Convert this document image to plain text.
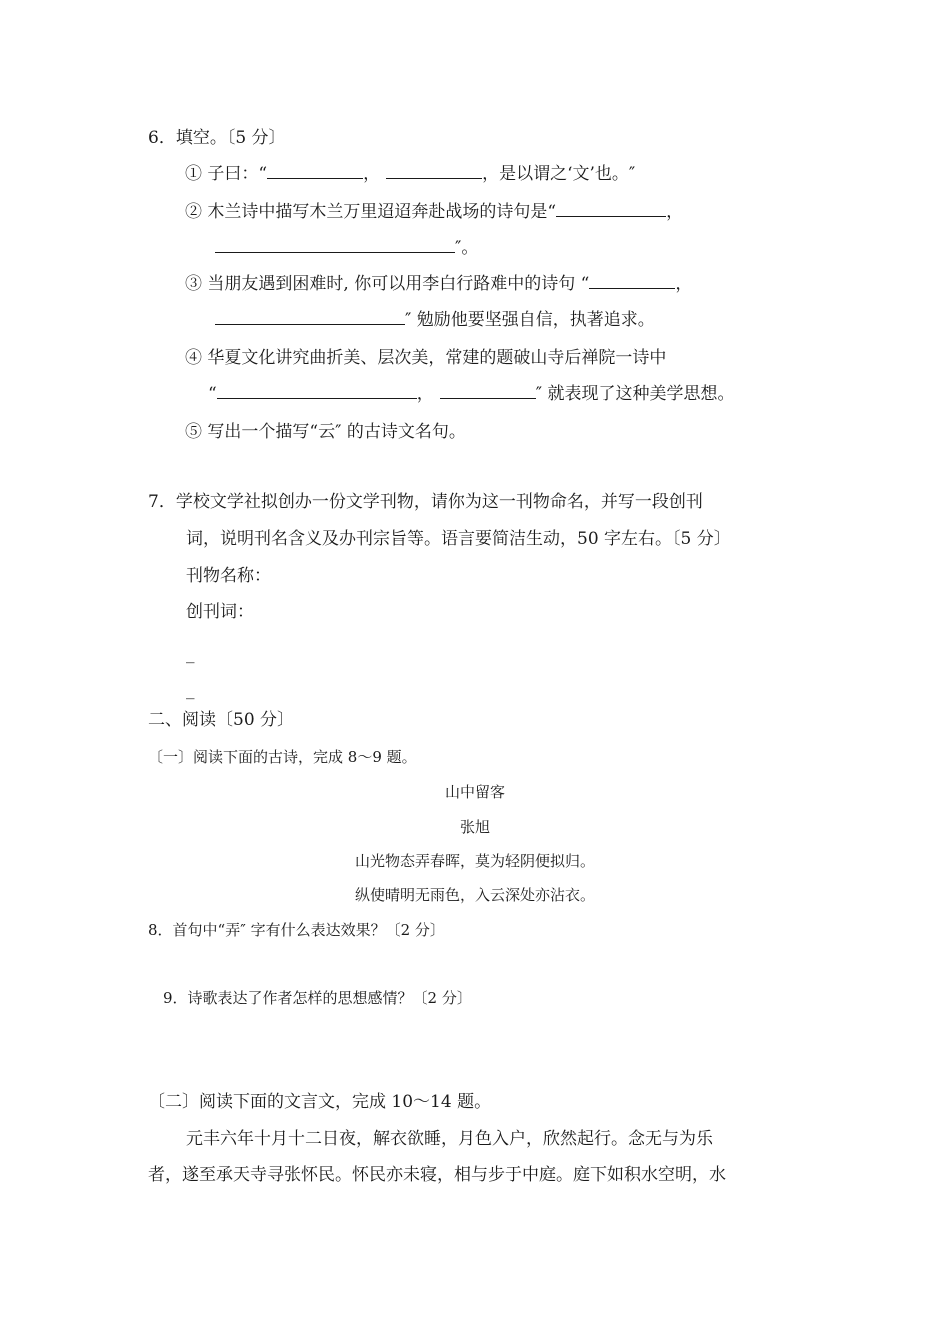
6．填空。〔5 分〕
① 子曰：“	，	，是以谓之‘文’也。″
② 木兰诗中描写木兰万里迢迢奔赴战场的诗句是“	，
″。
③ 当朋友遇到困难时, 你可以用李白行路难中的诗句 “	，
″ 勉励他要坚强自信，执著追求。
④ 华夏文化讲究曲折美、层次美，常建的题破山寺后禅院一诗中
“	，	″ 就表现了这种美学思想。
⑤ 写出一个描写“云″ 的古诗文名句。
7．学校文学社拟创办一份文学刊物，请你为这一刊物命名，并写一段创刊
词，说明刊名含义及办刊宗旨等。语言要简洁生动，50 字左右。〔5 分〕
刊物名称：
创刊词：
_
_
二、阅读〔50 分〕
〔一〕阅读下面的古诗，完成 8～9 题。
山中留客
张旭
山光物态弄春晖，莫为轻阴便拟归。
纵使晴明无雨色，入云深处亦沾衣。
8．首句中“弄″ 字有什么表达效果？〔2 分〕
9．诗歌表达了作者怎样的思想感情？〔2 分〕
〔二〕阅读下面的文言文，完成 10～14 题。
元丰六年十月十二日夜，解衣欲睡，月色入户，欣然起行。念无与为乐
者，遂至承天寺寻张怀民。怀民亦未寝，相与步于中庭。庭下如积水空明，水
